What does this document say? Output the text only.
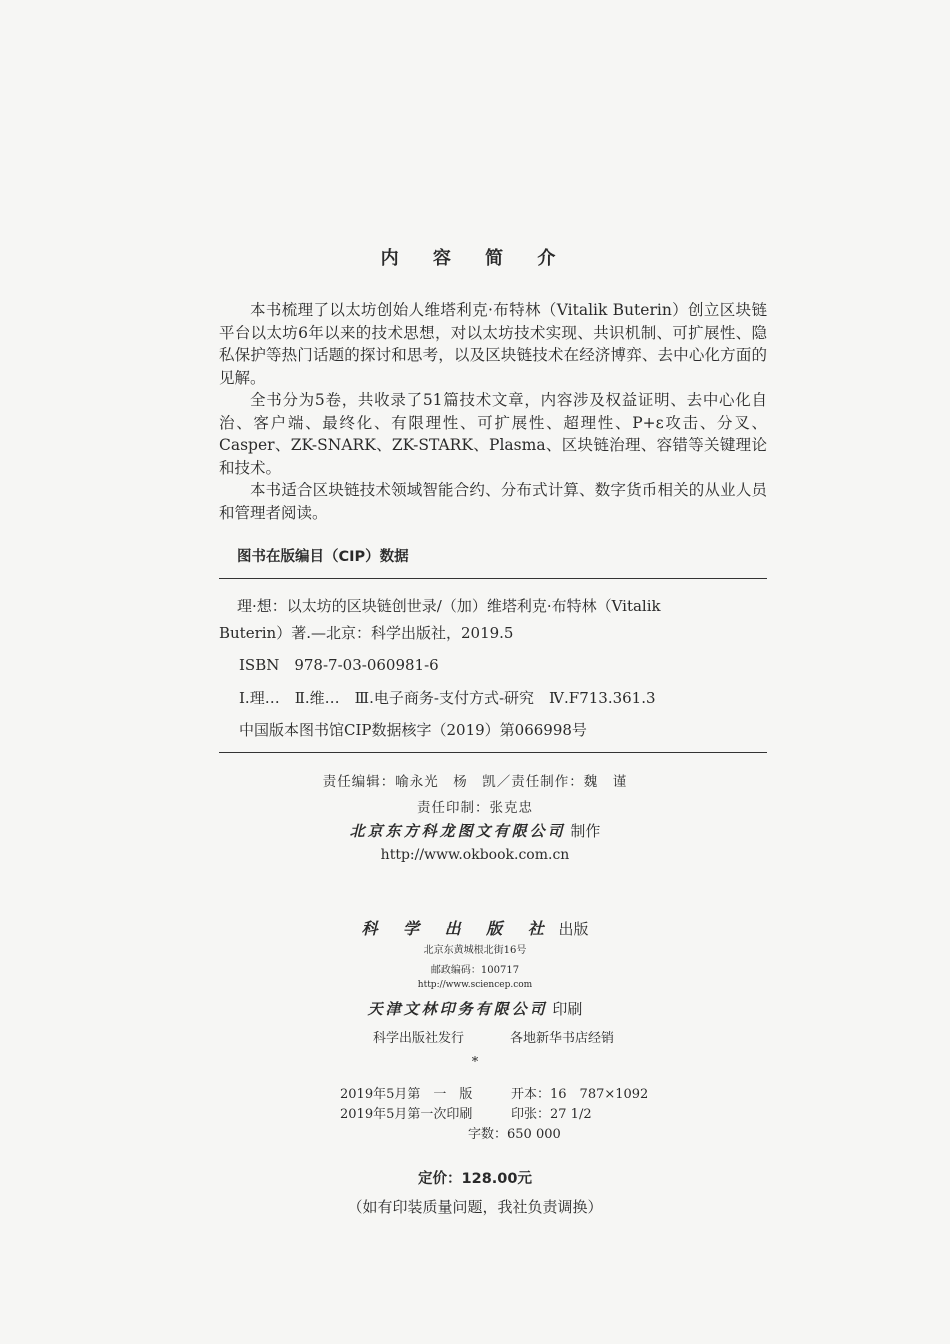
内 容 简 介

本书梳理了以太坊创始人维塔利克·布特林（Vitalik Buterin）创立区块链平台以太坊6年以来的技术思想，对以太坊技术实现、共识机制、可扩展性、隐私保护等热门话题的探讨和思考，以及区块链技术在经济博弈、去中心化方面的见解。

全书分为5卷，共收录了51篇技术文章，内容涉及权益证明、去中心化自治、客户端、最终化、有限理性、可扩展性、超理性、P+ε攻击、分叉、Casper、ZK-SNARK、ZK-STARK、Plasma、区块链治理、容错等关键理论和技术。

本书适合区块链技术领域智能合约、分布式计算、数字货币相关的从业人员和管理者阅读。

图书在版编目（CIP）数据
理·想：以太坊的区块链创世录/（加）维塔利克·布特林（Vitalik
Buterin）著.—北京：科学出版社，2019.5
ISBN　978-7-03-060981-6
Ⅰ.理…　Ⅱ.维…　Ⅲ.电子商务-支付方式-研究　Ⅳ.F713.361.3
中国版本图书馆CIP数据核字（2019）第066998号
责任编辑：喻永光　杨　凯／责任制作：魏　谨
责任印制：张克忠
北京东方科龙图文有限公司 制作
http://www.okbook.com.cn
科 学 出 版 社 出版
北京东黄城根北街16号
邮政编码：100717
http://www.sciencep.com
天津文林印务有限公司 印刷
科学出版社发行	各地新华书店经销
*
2019年5月第　一　版	开本：16　787×1092
2019年5月第一次印刷	印张：27 1/2
字数：650 000
定价：128.00元
（如有印装质量问题，我社负责调换）
